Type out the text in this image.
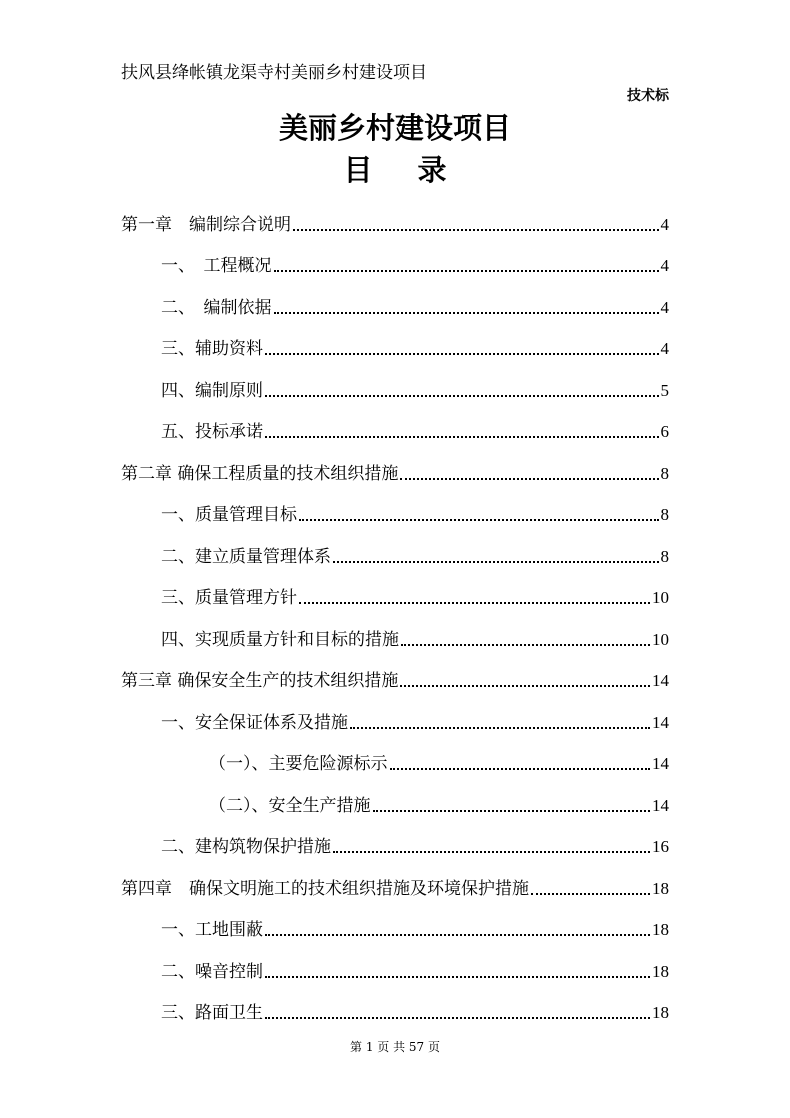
扶风县绛帐镇龙渠寺村美丽乡村建设项目
技术标
美丽乡村建设项目
目录
第一章　编制综合说明	4
一、　工程概况	4
二、　编制依据	4
三、辅助资料	4
四、编制原则	5
五、投标承诺	6
第二章 确保工程质量的技术组织措施	8
一、质量管理目标	8
二、建立质量管理体系	8
三、质量管理方针	10
四、实现质量方针和目标的措施	10
第三章 确保安全生产的技术组织措施	14
一、安全保证体系及措施	14
（一）、主要危险源标示	14
（二）、安全生产措施	14
二、建构筑物保护措施	16
第四章　确保文明施工的技术组织措施及环境保护措施	18
一、工地围蔽	18
二、噪音控制	18
三、路面卫生	18
第 1 页 共 57 页
